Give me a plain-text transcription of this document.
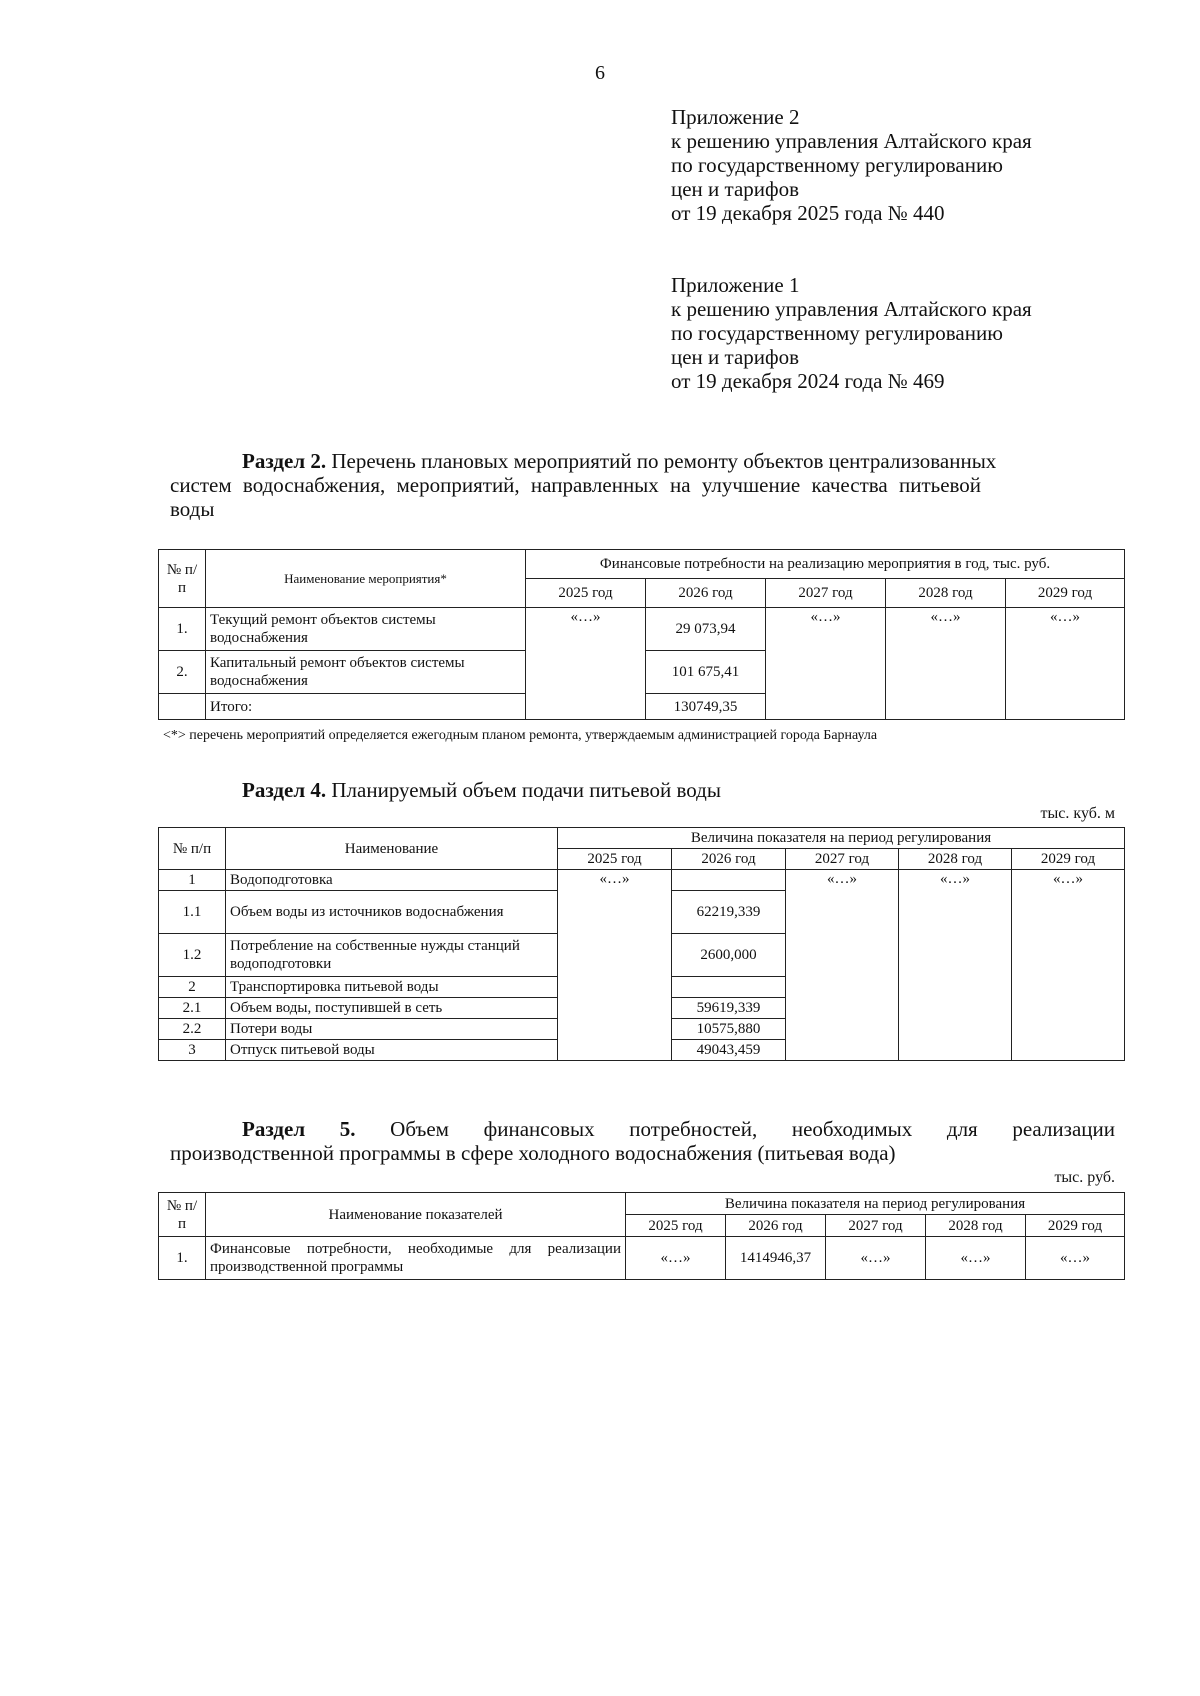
6
Приложение 2
к решению управления Алтайского края
по государственному регулированию
цен и тарифов
от 19 декабря 2025 года № 440
Приложение 1
к решению управления Алтайского края
по государственному регулированию
цен и тарифов
от 19 декабря 2024 года № 469
Раздел 2. Перечень плановых мероприятий по ремонту объектов централизованных
систем водоснабжения, мероприятий, направленных на улучшение качества питьевой
воды
№ п/п	Наименование мероприятия*	Финансовые потребности на реализацию мероприятия в год, тыс. руб.				
		2025 год	2026 год	2027 год	2028 год	2029 год
1.	Текущий ремонт объектов системы водоснабжения	«…»	29 073,94	«…»	«…»	«…»
2.	Капитальный ремонт объектов системы водоснабжения		101 675,41			
	Итого:		130749,35			
<*> перечень мероприятий определяется ежегодным планом ремонта, утверждаемым администрацией города Барнаула
Раздел 4. Планируемый объем подачи питьевой воды
тыс. куб. м
№ п/п	Наименование	Величина показателя на период регулирования				
		2025 год	2026 год	2027 год	2028 год	2029 год
1	Водоподготовка	«…»		«…»	«…»	«…»
1.1	Объем воды из источников водоснабжения		62219,339			
1.2	Потребление на собственные нужды станций водоподготовки		2600,000			
2	Транспортировка питьевой воды					
2.1	Объем воды, поступившей в сеть		59619,339			
2.2	Потери воды		10575,880			
3	Отпуск питьевой воды		49043,459			
Раздел 5. Объем финансовых потребностей, необходимых для реализации
производственной программы в сфере холодного водоснабжения (питьевая вода)
тыс. руб.
№ п/п	Наименование показателей	Величина показателя на период регулирования				
		2025 год	2026 год	2027 год	2028 год	2029 год
1.	Финансовые потребности, необходимые для реализации производственной программы	«…»	1414946,37	«…»	«…»	«…»
